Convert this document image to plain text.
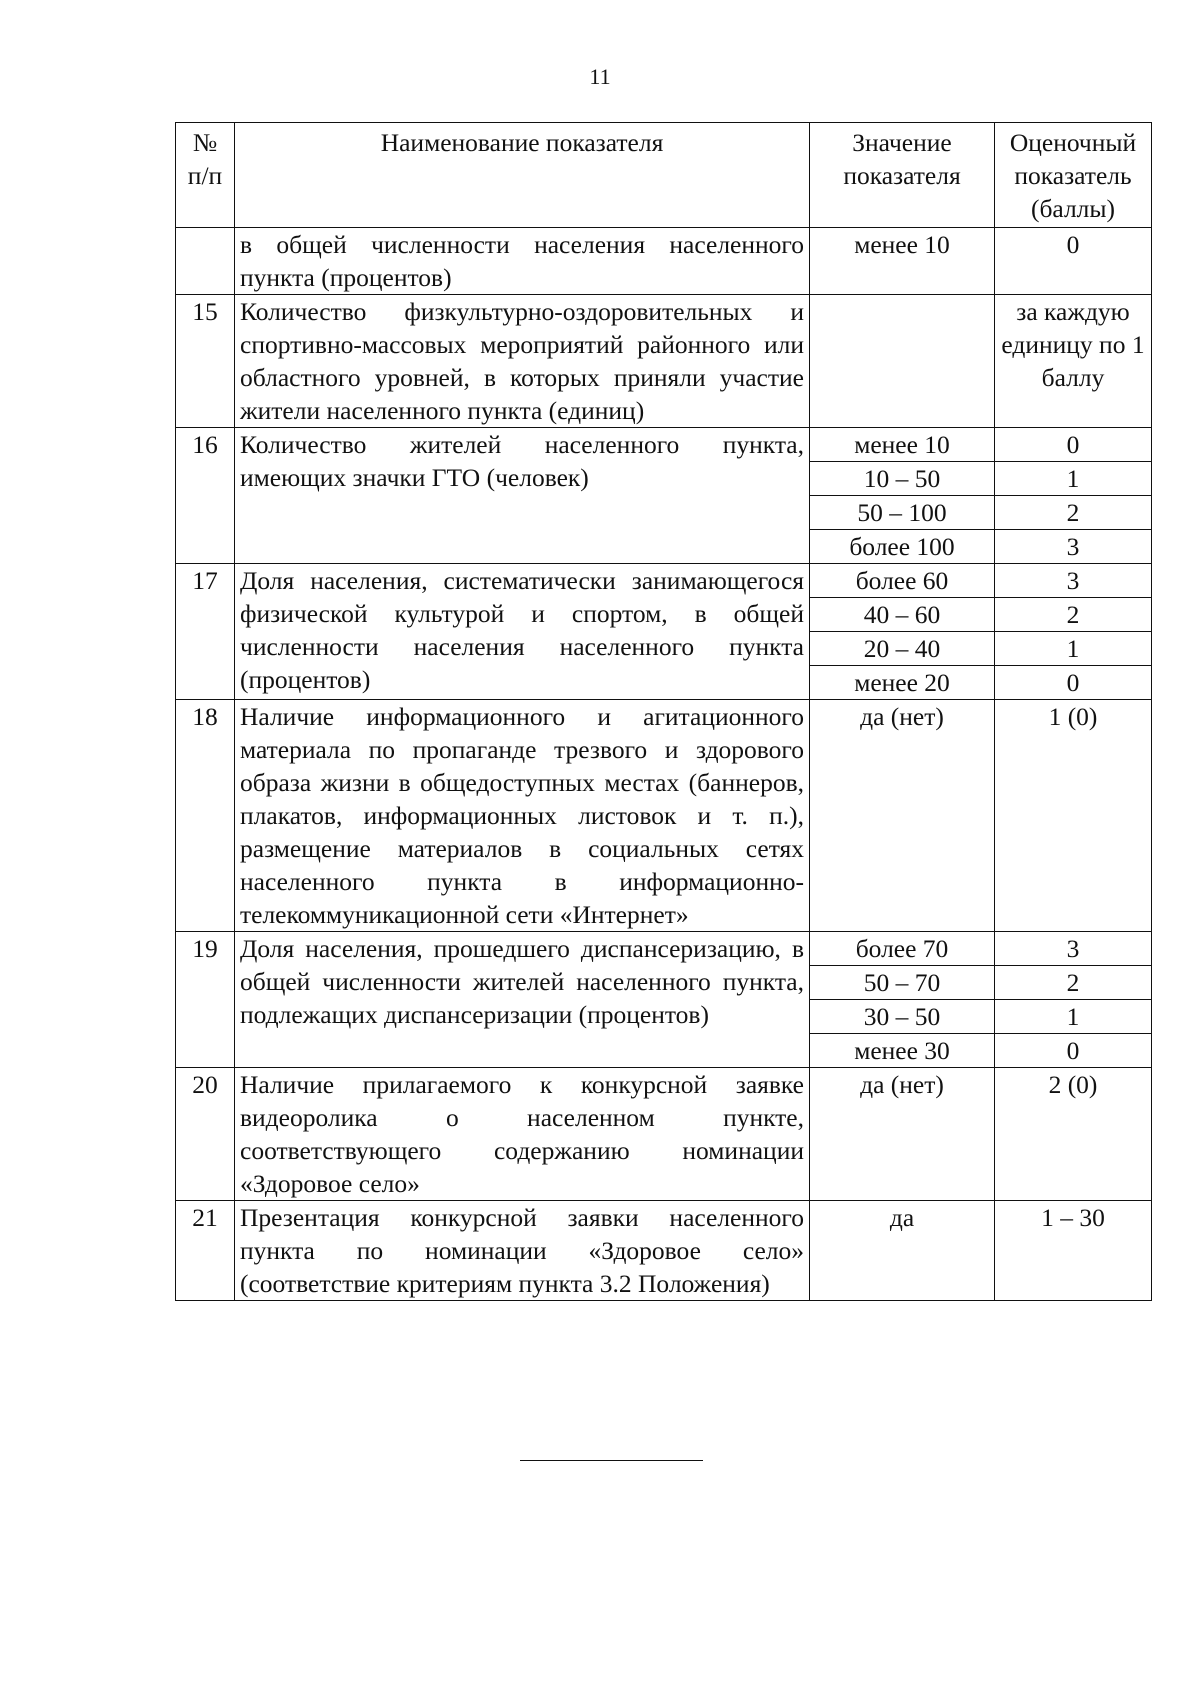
11
№ п/п	Наименование показателя	Значение показателя	Оценочный показатель (баллы)
	в общей численности населения населенного пункта (процентов)	менее 10	0
15	Количество физкультурно-оздоровительных и спортивно-массовых мероприятий районного или областного уровней, в которых приняли участие жители населенного пункта (единиц)		за каждую единицу по 1 баллу
16	Количество жителей населенного пункта, имеющих значки ГТО (человек)	менее 10	0
		10 – 50	1
		50 – 100	2
		более 100	3
17	Доля населения, систематически занимающегося физической культурой и спортом, в общей численности населения населенного пункта (процентов)	более 60	3
		40 – 60	2
		20 – 40	1
		менее 20	0
18	Наличие информационного и агитационного материала по пропаганде трезвого и здорового образа жизни в общедоступных местах (баннеров, плакатов, информационных листовок и т. п.), размещение материалов в социальных сетях населенного пункта в информационно-телекоммуникационной сети «Интернет»	да (нет)	1 (0)
19	Доля населения, прошедшего диспансеризацию, в общей численности жителей населенного пункта, подлежащих диспансеризации (процентов)	более 70	3
		50 – 70	2
		30 – 50	1
		менее 30	0
20	Наличие прилагаемого к конкурсной заявке видеоролика о населенном пункте, соответствующего содержанию номинации «Здоровое село»	да (нет)	2 (0)
21	Презентация конкурсной заявки населенного пункта по номинации «Здоровое село» (соответствие критериям пункта 3.2 Положения)	да	1 – 30
